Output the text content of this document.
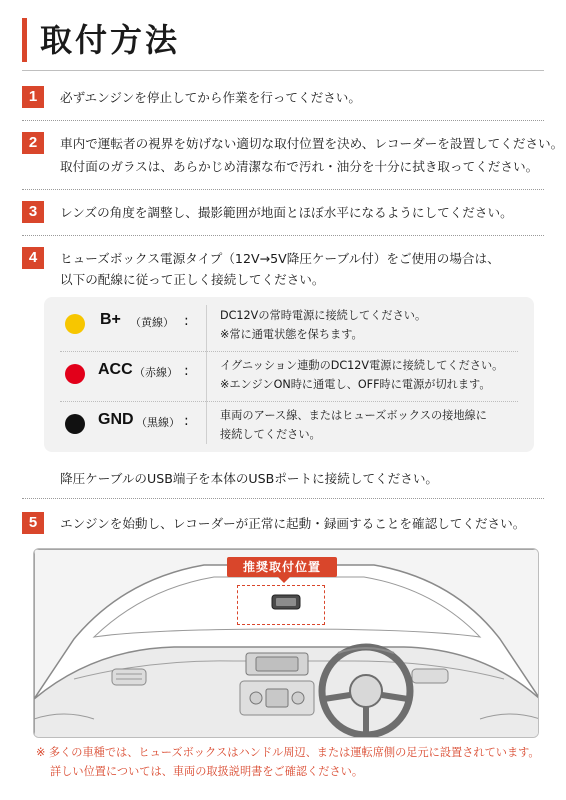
取付方法
1	必ずエンジンを停止してから作業を行ってください。
2	車内で運転者の視界を妨げない適切な取付位置を決め、レコーダーを設置してください。
取付面のガラスは、あらかじめ清潔な布で汚れ・油分を十分に拭き取ってください。
3	レンズの角度を調整し、撮影範囲が地面とほぼ水平になるようにしてください。
4	ヒューズボックス電源タイプ（12V→5V降圧ケーブル付）をご使用の場合は、
以下の配線に従って正しく接続してください。
B+ （黄線） :	DC12Vの常時電源に接続してください。
※常に通電状態を保ちます。
ACC （赤線） :	イグニッション連動のDC12V電源に接続してください。
※エンジンON時に通電し、OFF時に電源が切れます。
GND （黒線） :	車両のアース線、またはヒューズボックスの接地線に
接続してください。
降圧ケーブルのUSB端子を本体のUSBポートに接続してください。
5	エンジンを始動し、レコーダーが正常に起動・録画することを確認してください。
推奨取付位置
※ 多くの車種では、ヒューズボックスはハンドル周辺、または運転席側の足元に設置されています。
詳しい位置については、車両の取扱説明書をご確認ください。
